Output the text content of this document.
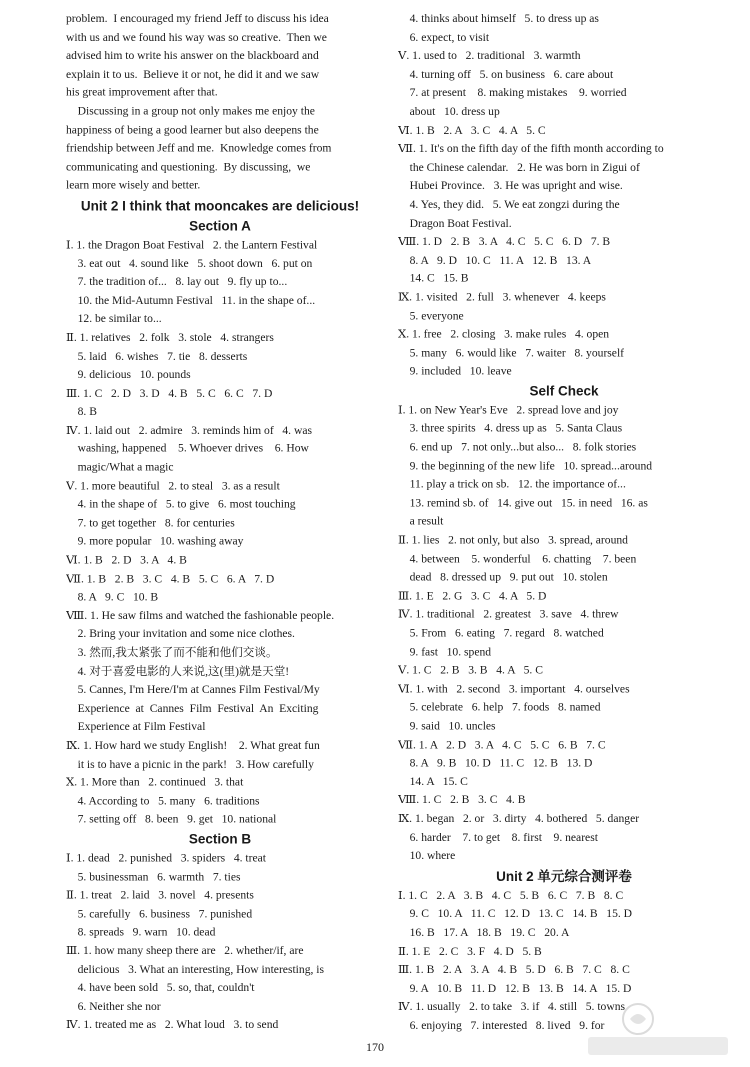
problem.  I encouraged my friend Jeff to discuss his idea
with us and we found his way was so creative.  Then we
advised him to write his answer on the blackboard and
explain it to us.  Believe it or not, he did it and we saw
his great improvement after that.
Discussing in a group not only makes me enjoy the
happiness of being a good learner but also deepens the
friendship between Jeff and me.  Knowledge comes from
communicating and questioning.  By discussing,  we
learn more wisely and better.
Unit 2 I think that mooncakes are delicious!
Section A
Ⅰ. 1. the Dragon Boat Festival   2. the Lantern Festival
3. eat out   4. sound like   5. shoot down   6. put on
7. the tradition of...   8. lay out   9. fly up to...
10. the Mid-Autumn Festival   11. in the shape of...
12. be similar to...
Ⅱ. 1. relatives   2. folk   3. stole   4. strangers
5. laid   6. wishes   7. tie   8. desserts
9. delicious   10. pounds
Ⅲ. 1. C   2. D   3. D   4. B   5. C   6. C   7. D
8. B
Ⅳ. 1. laid out   2. admire   3. reminds him of   4. was
washing, happened    5. Whoever drives    6. How
magic/What a magic
Ⅴ. 1. more beautiful   2. to steal   3. as a result
4. in the shape of   5. to give   6. most touching
7. to get together   8. for centuries
9. more popular   10. washing away
Ⅵ. 1. B   2. D   3. A   4. B
Ⅶ. 1. B   2. B   3. C   4. B   5. C   6. A   7. D
8. A   9. C   10. B
Ⅷ. 1. He saw films and watched the fashionable people.
2. Bring your invitation and some nice clothes.
3. 然而,我太紧张了而不能和他们交谈。
4. 对于喜爱电影的人来说,这(里)就是天堂!
5. Cannes, I'm Here/I'm at Cannes Film Festival/My
Experience  at  Cannes  Film  Festival  An  Exciting
Experience at Film Festival
Ⅸ. 1. How hard we study English!    2. What great fun
it is to have a picnic in the park!   3. How carefully
Ⅹ. 1. More than   2. continued   3. that
4. According to   5. many   6. traditions
7. setting off   8. been   9. get   10. national
Section B
Ⅰ. 1. dead   2. punished   3. spiders   4. treat
5. businessman   6. warmth   7. ties
Ⅱ. 1. treat   2. laid   3. novel   4. presents
5. carefully   6. business   7. punished
8. spreads   9. warn   10. dead
Ⅲ. 1. how many sheep there are   2. whether/if, are
delicious   3. What an interesting, How interesting, is
4. have been sold   5. so, that, couldn't
6. Neither she nor
Ⅳ. 1. treated me as   2. What loud   3. to send
4. thinks about himself   5. to dress up as
6. expect, to visit
Ⅴ. 1. used to   2. traditional   3. warmth
4. turning off   5. on business   6. care about
7. at present    8. making mistakes    9. worried
about   10. dress up
Ⅵ. 1. B   2. A   3. C   4. A   5. C
Ⅶ. 1. It's on the fifth day of the fifth month according to
the Chinese calendar.   2. He was born in Zigui of
Hubei Province.   3. He was upright and wise.
4. Yes, they did.   5. We eat zongzi during the
Dragon Boat Festival.
Ⅷ. 1. D   2. B   3. A   4. C   5. C   6. D   7. B
8. A   9. D   10. C   11. A   12. B   13. A
14. C   15. B
Ⅸ. 1. visited   2. full   3. whenever   4. keeps
5. everyone
Ⅹ. 1. free   2. closing   3. make rules   4. open
5. many   6. would like   7. waiter   8. yourself
9. included   10. leave
Self Check
Ⅰ. 1. on New Year's Eve   2. spread love and joy
3. three spirits   4. dress up as   5. Santa Claus
6. end up   7. not only...but also...   8. folk stories
9. the beginning of the new life   10. spread...around
11. play a trick on sb.   12. the importance of...
13. remind sb. of   14. give out   15. in need   16. as
a result
Ⅱ. 1. lies   2. not only, but also   3. spread, around
4. between    5. wonderful    6. chatting    7. been
dead   8. dressed up   9. put out   10. stolen
Ⅲ. 1. E   2. G   3. C   4. A   5. D
Ⅳ. 1. traditional   2. greatest   3. save   4. threw
5. From   6. eating   7. regard   8. watched
9. fast   10. spend
Ⅴ. 1. C   2. B   3. B   4. A   5. C
Ⅵ. 1. with   2. second   3. important   4. ourselves
5. celebrate   6. help   7. foods   8. named
9. said   10. uncles
Ⅶ. 1. A   2. D   3. A   4. C   5. C   6. B   7. C
8. A   9. B   10. D   11. C   12. B   13. D
14. A   15. C
Ⅷ. 1. C   2. B   3. C   4. B
Ⅸ. 1. began   2. or   3. dirty   4. bothered   5. danger
6. harder    7. to get    8. first    9. nearest
10. where
Unit 2 单元综合测评卷
Ⅰ. 1. C   2. A   3. B   4. C   5. B   6. C   7. B   8. C
9. C   10. A   11. C   12. D   13. C   14. B   15. D
16. B   17. A   18. B   19. C   20. A
Ⅱ. 1. E   2. C   3. F   4. D   5. B
Ⅲ. 1. B   2. A   3. A   4. B   5. D   6. B   7. C   8. C
9. A   10. B   11. D   12. B   13. B   14. A   15. D
Ⅳ. 1. usually   2. to take   3. if   4. still   5. towns
6. enjoying   7. interested   8. lived   9. for
170
